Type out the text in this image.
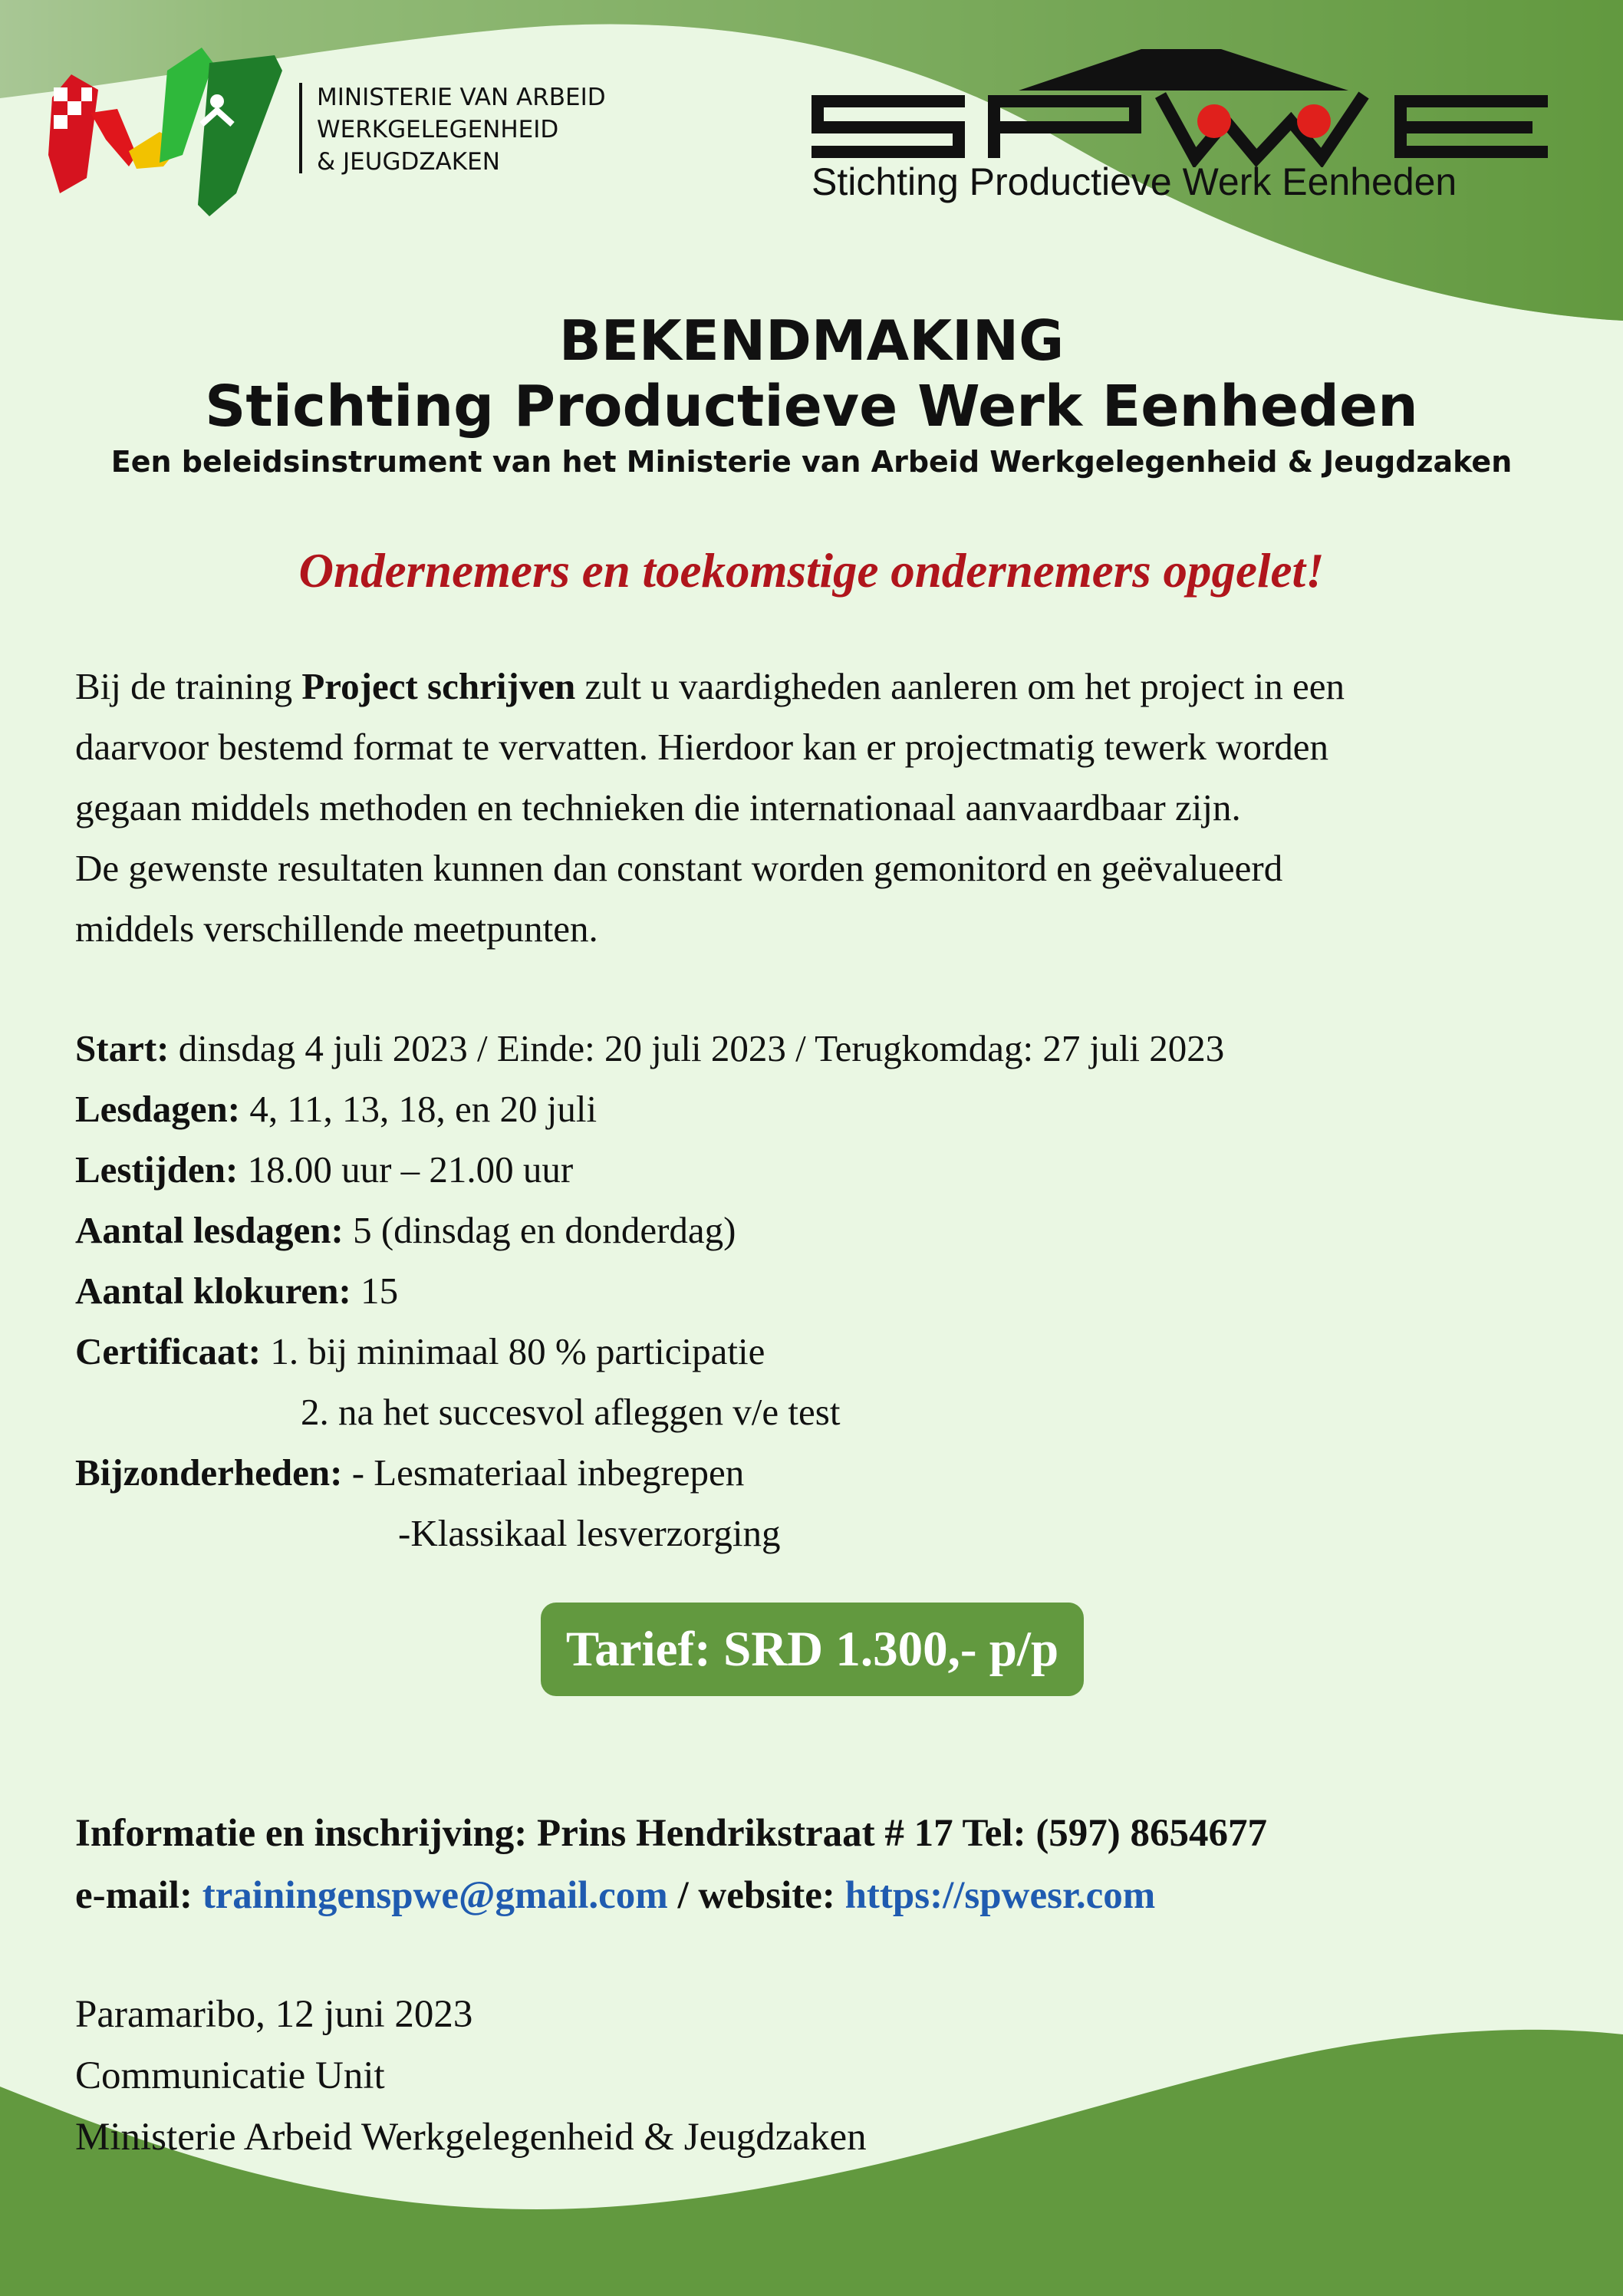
MINISTERIE VAN ARBEID
WERKGELEGENHEID
& JEUGDZAKEN	Stichting Productieve Werk Eenheden
BEKENDMAKING
Stichting Productieve Werk Eenheden
Een beleidsinstrument van het Ministerie van Arbeid Werkgelegenheid & Jeugdzaken
Ondernemers en toekomstige ondernemers opgelet!
Bij de training Project schrijven zult u vaardigheden aanleren om het project in een
daarvoor bestemd format te vervatten. Hierdoor kan er projectmatig tewerk worden
gegaan middels methoden en technieken die internationaal aanvaardbaar zijn.
De gewenste resultaten kunnen dan constant worden gemonitord en geëvalueerd
middels verschillende meetpunten.
Start: dinsdag 4 juli 2023 / Einde: 20 juli 2023 / Terugkomdag: 27 juli 2023
Lesdagen: 4, 11, 13, 18, en 20 juli
Lestijden: 18.00 uur – 21.00 uur
Aantal lesdagen: 5 (dinsdag en donderdag)
Aantal klokuren: 15
Certificaat: 1. bij minimaal 80 % participatie
2. na het succesvol afleggen v/e test
Bijzonderheden: - Lesmateriaal inbegrepen
-Klassikaal lesverzorging
Tarief: SRD 1.300,- p/p
Informatie en inschrijving: Prins Hendrikstraat # 17 Tel: (597) 8654677
e-mail: trainingenspwe@gmail.com / website: https://spwesr.com
Paramaribo, 12 juni 2023
Communicatie Unit
Ministerie Arbeid Werkgelegenheid & Jeugdzaken
